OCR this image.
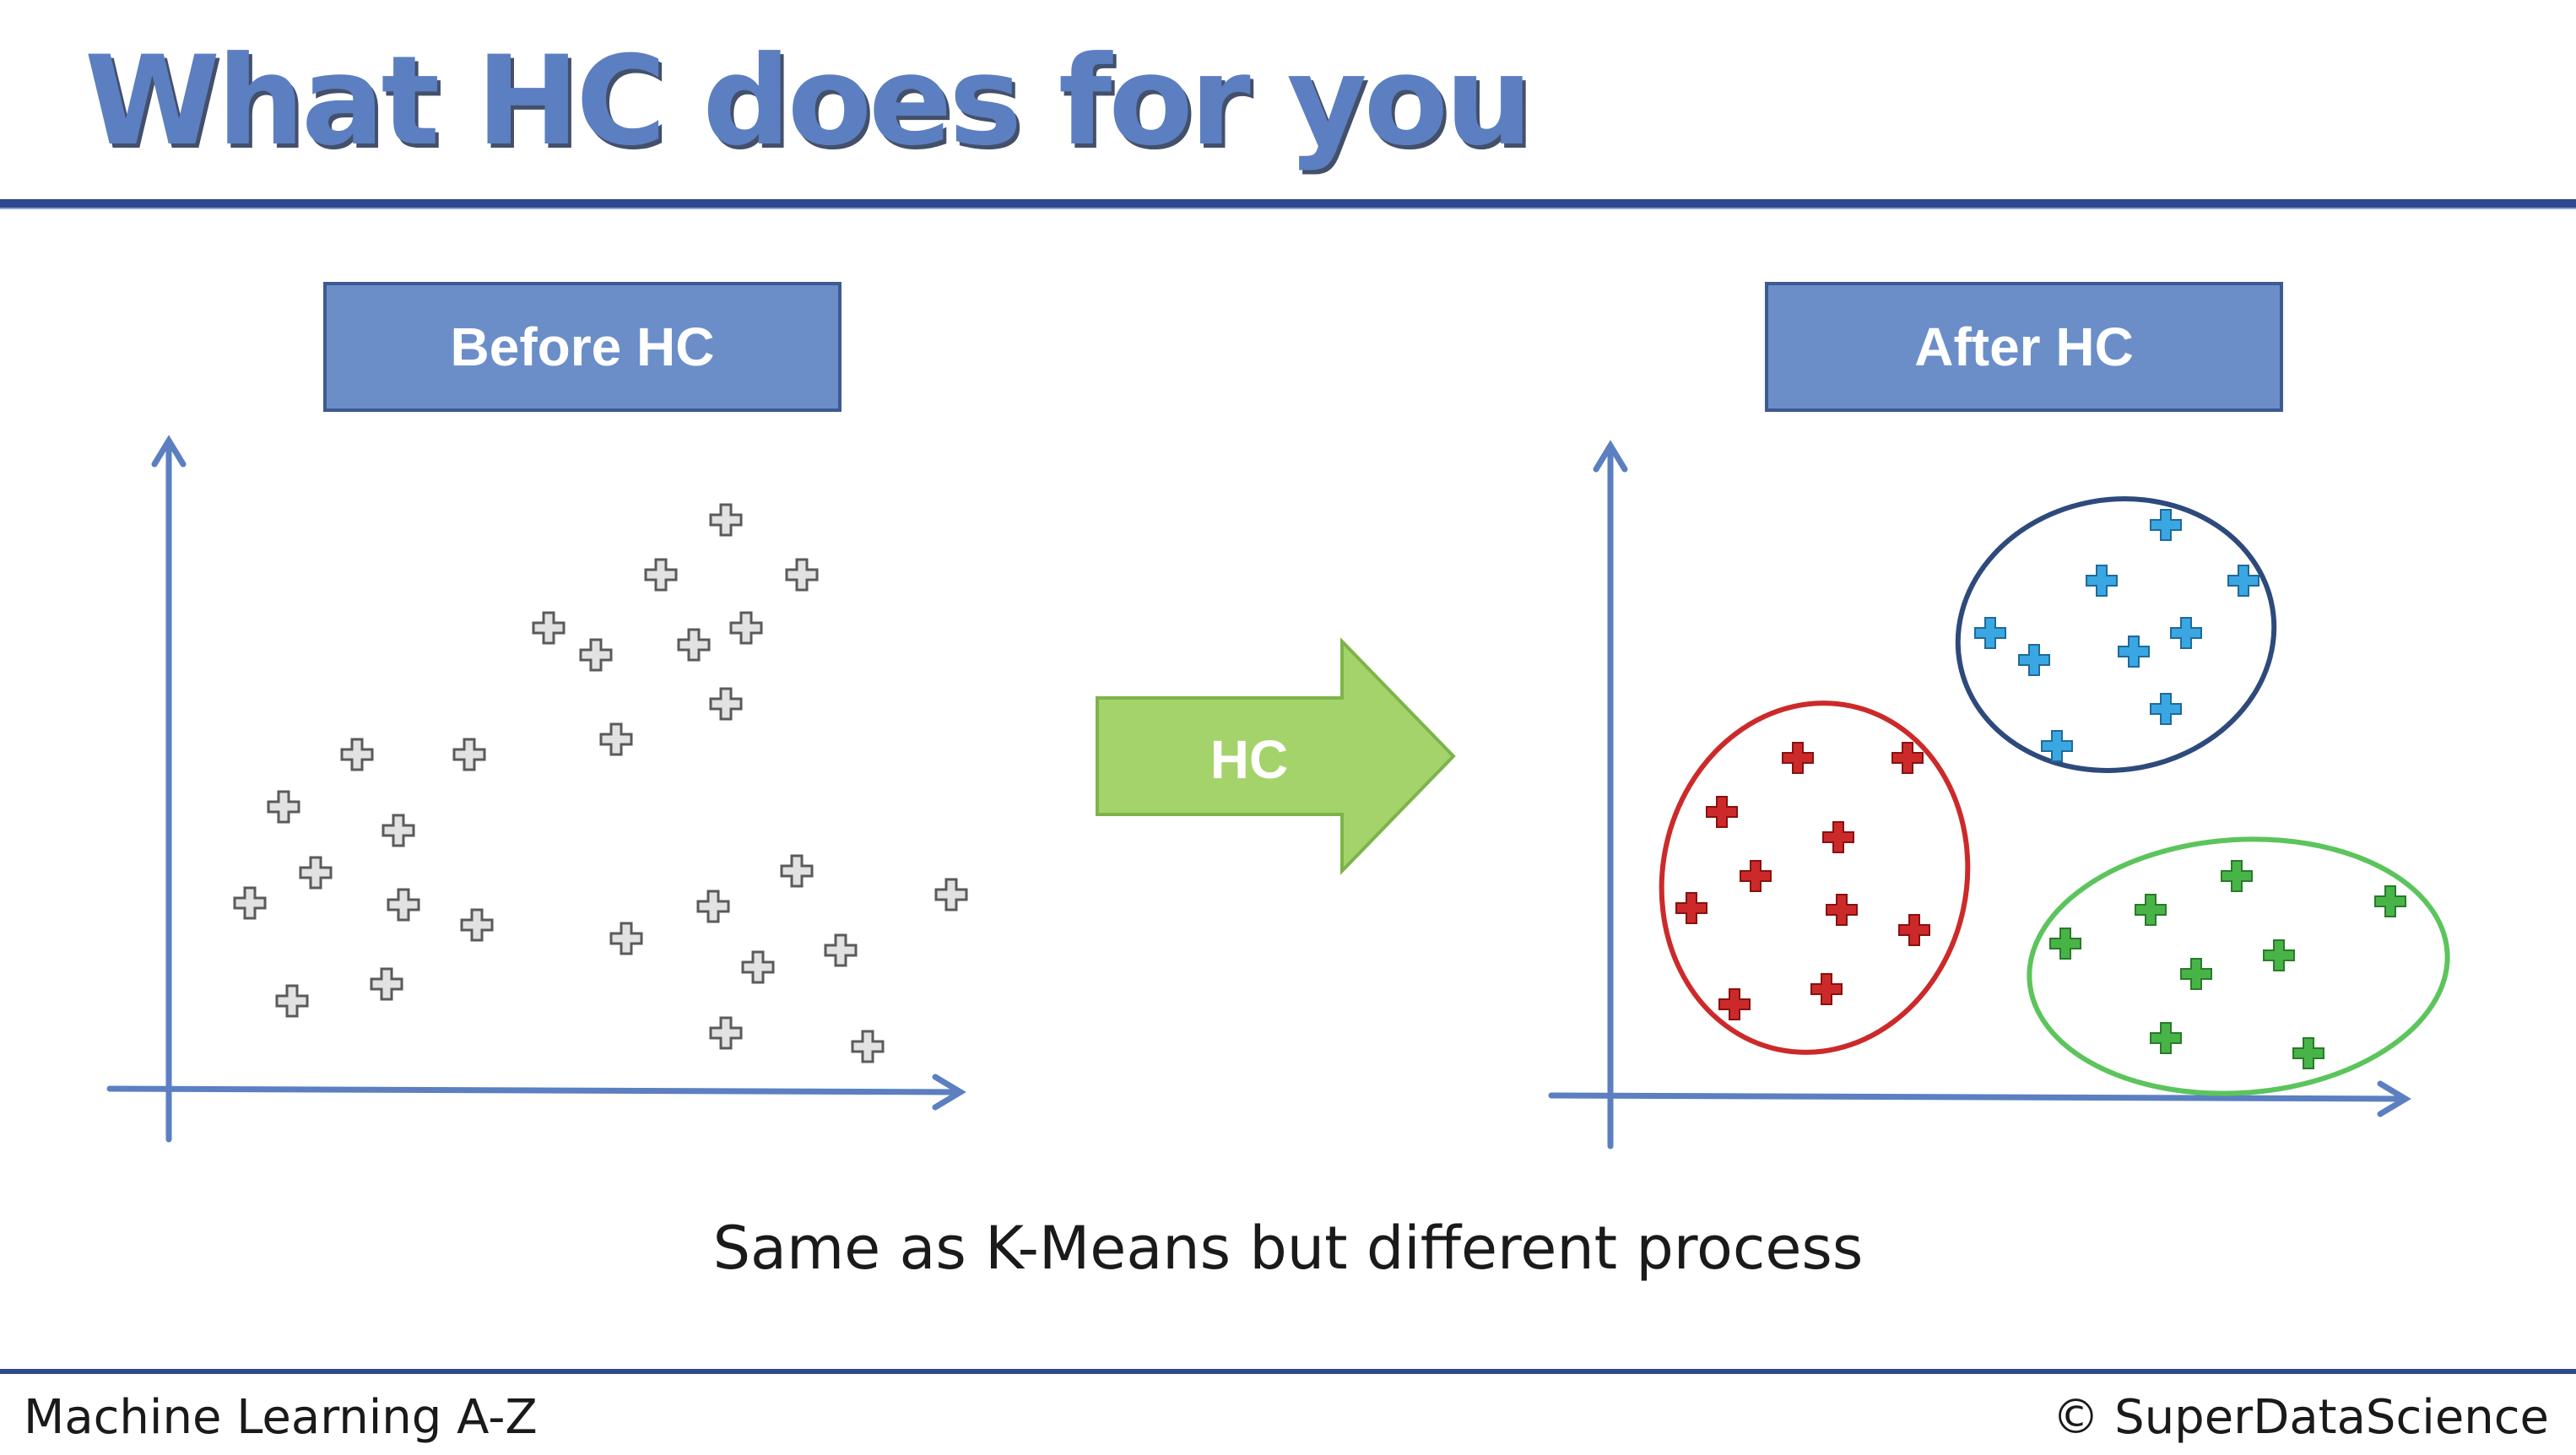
What HC does for you
Before HC	After HC
HC
Same as K-Means but different process
Machine Learning A-Z	© SuperDataScience
